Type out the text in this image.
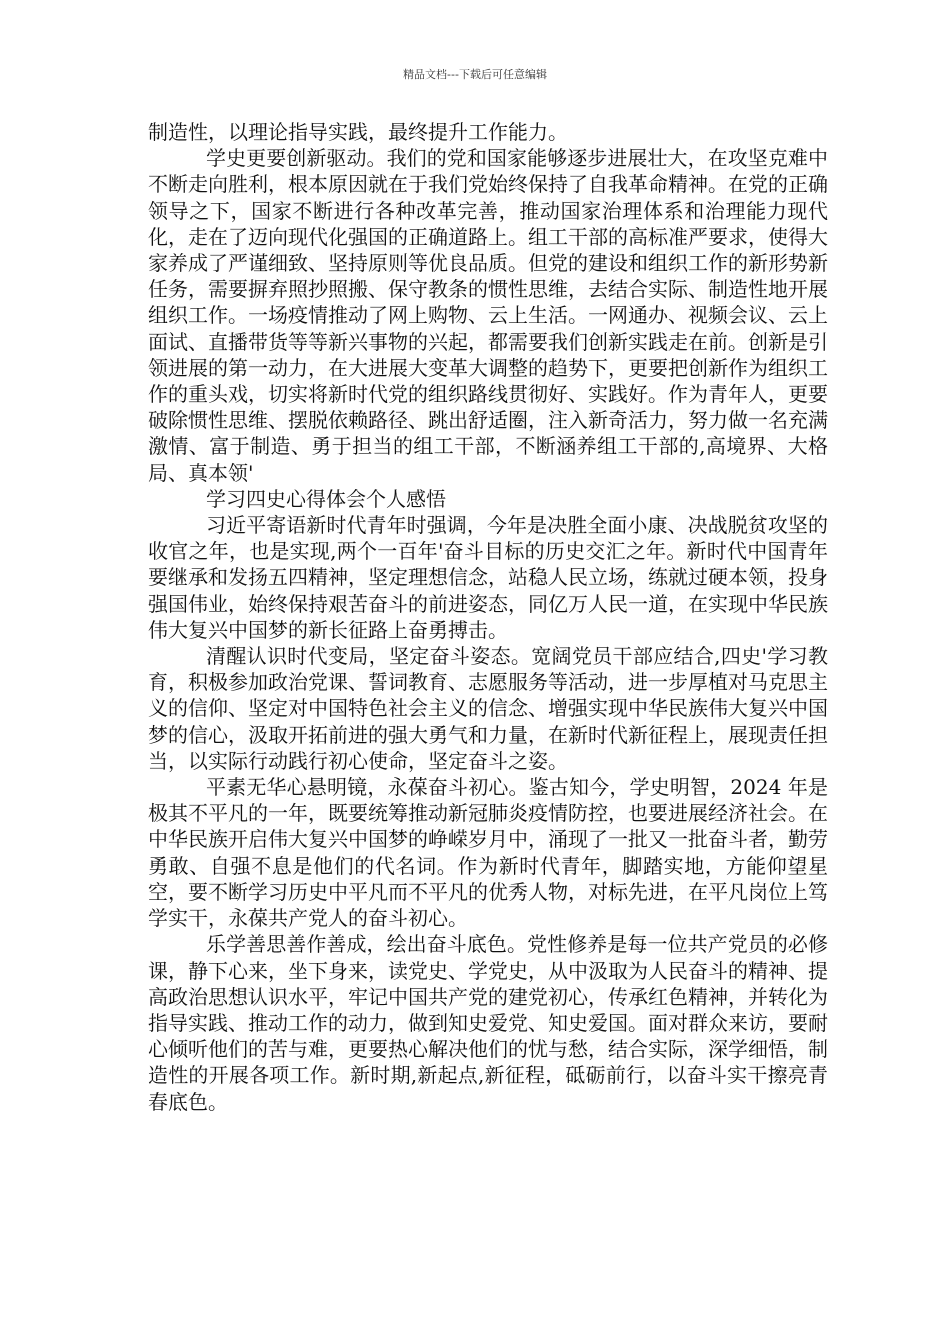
精品文档---下载后可任意编辑

制造性，以理论指导实践，最终提升工作能力。

学史更要创新驱动。我们的党和国家能够逐步进展壮大，在攻坚克难中不断走向胜利，根本原因就在于我们党始终保持了自我革命精神。在党的正确领导之下，国家不断进行各种改革完善，推动国家治理体系和治理能力现代化，走在了迈向现代化强国的正确道路上。组工干部的高标准严要求，使得大家养成了严谨细致、坚持原则等优良品质。但党的建设和组织工作的新形势新任务，需要摒弃照抄照搬、保守教条的惯性思维，去结合实际、制造性地开展组织工作。一场疫情推动了网上购物、云上生活。一网通办、视频会议、云上面试、直播带货等等新兴事物的兴起，都需要我们创新实践走在前。创新是引领进展的第一动力，在大进展大变革大调整的趋势下，更要把创新作为组织工作的重头戏，切实将新时代党的组织路线贯彻好、实践好。作为青年人，更要破除惯性思维、摆脱依赖路径、跳出舒适圈，注入新奇活力，努力做一名充满激情、富于制造、勇于担当的组工干部，不断涵养组工干部的,高境界、大格局、真本领'

学习四史心得体会个人感悟

习近平寄语新时代青年时强调，今年是决胜全面小康、决战脱贫攻坚的收官之年，也是实现,两个一百年'奋斗目标的历史交汇之年。新时代中国青年要继承和发扬五四精神，坚定理想信念，站稳人民立场，练就过硬本领，投身强国伟业，始终保持艰苦奋斗的前进姿态，同亿万人民一道，在实现中华民族伟大复兴中国梦的新长征路上奋勇搏击。

清醒认识时代变局，坚定奋斗姿态。宽阔党员干部应结合,四史'学习教育，积极参加政治党课、誓词教育、志愿服务等活动，进一步厚植对马克思主义的信仰、坚定对中国特色社会主义的信念、增强实现中华民族伟大复兴中国梦的信心，汲取开拓前进的强大勇气和力量，在新时代新征程上，展现责任担当，以实际行动践行初心使命，坚定奋斗之姿。

平素无华心悬明镜，永葆奋斗初心。鉴古知今，学史明智，2024 年是极其不平凡的一年，既要统筹推动新冠肺炎疫情防控，也要进展经济社会。在中华民族开启伟大复兴中国梦的峥嵘岁月中，涌现了一批又一批奋斗者，勤劳勇敢、自强不息是他们的代名词。作为新时代青年，脚踏实地，方能仰望星空，要不断学习历史中平凡而不平凡的优秀人物，对标先进，在平凡岗位上笃学实干，永葆共产党人的奋斗初心。

乐学善思善作善成，绘出奋斗底色。党性修养是每一位共产党员的必修课，静下心来，坐下身来，读党史、学党史，从中汲取为人民奋斗的精神、提高政治思想认识水平，牢记中国共产党的建党初心，传承红色精神，并转化为指导实践、推动工作的动力，做到知史爱党、知史爱国。面对群众来访，要耐心倾听他们的苦与难，更要热心解决他们的忧与愁，结合实际，深学细悟，制造性的开展各项工作。新时期,新起点,新征程，砥砺前行，以奋斗实干擦亮青春底色。
